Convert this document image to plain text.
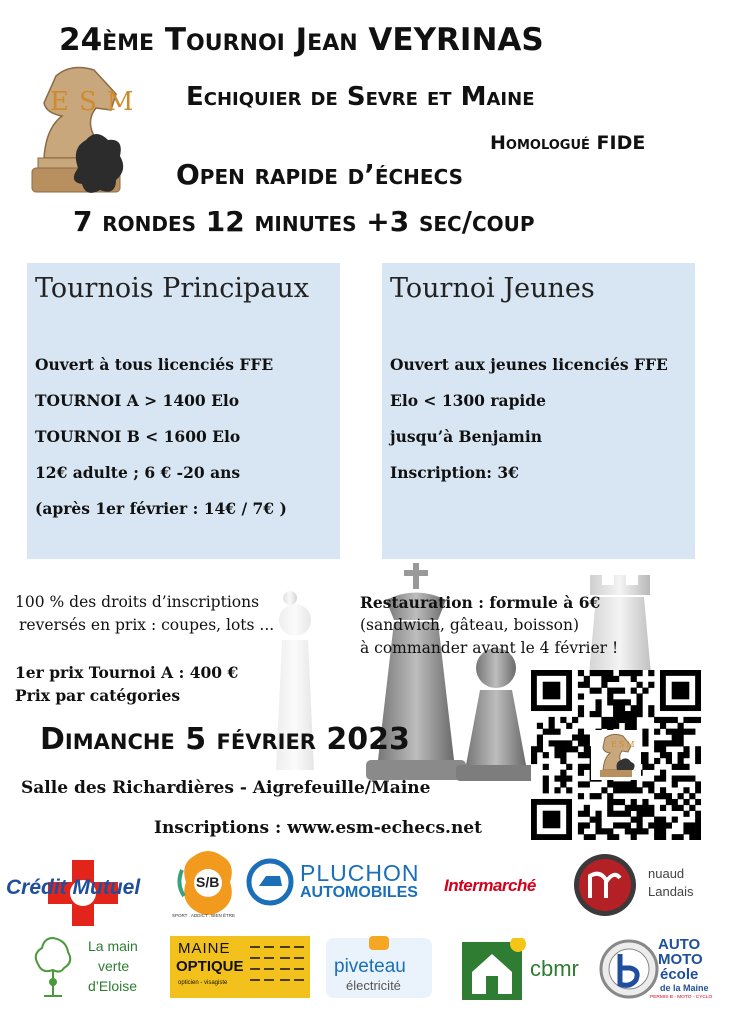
24ème Tournoi Jean VEYRINAS
ESM Echiquier de Sevre et Maine
Homologué FIDE
Open rapide d’échecs
7 rondes 12 minutes +3 sec/coup
Tournois Principaux
Ouvert à tous licenciés FFE
TOURNOI A > 1400 Elo
TOURNOI B < 1600 Elo
12€ adulte ; 6 € -20 ans
(après 1er février : 14€ / 7€ )
Tournoi Jeunes
Ouvert aux jeunes licenciés FFE
Elo < 1300 rapide
jusqu’à Benjamin
Inscription: 3€
100 % des droits d’inscriptions
reversés en prix : coupes, lots ...
1er prix Tournoi A : 400 €
Prix par catégories
Restauration : formule à 6€
(sandwich, gâteau, boisson)
à commander avant le 4 février !
ESM
Dimanche 5 février 2023
Salle des Richardières - Aigrefeuille/Maine
Inscriptions : www.esm-echecs.net
Crédit Mutuel	S/B
SPORT . ADDICT . BIEN ÊTRE
PLUCHON
AUTOMOBILES Intermarché
nuaud
Landais
La main
verte
d’Eloise
MAINE
OPTIQUE
opticien - visagiste
piveteau
électricité
cbmr
AUTO
MOTO
école
de la Maine
PERMIS B - MOTO - CYCLO
